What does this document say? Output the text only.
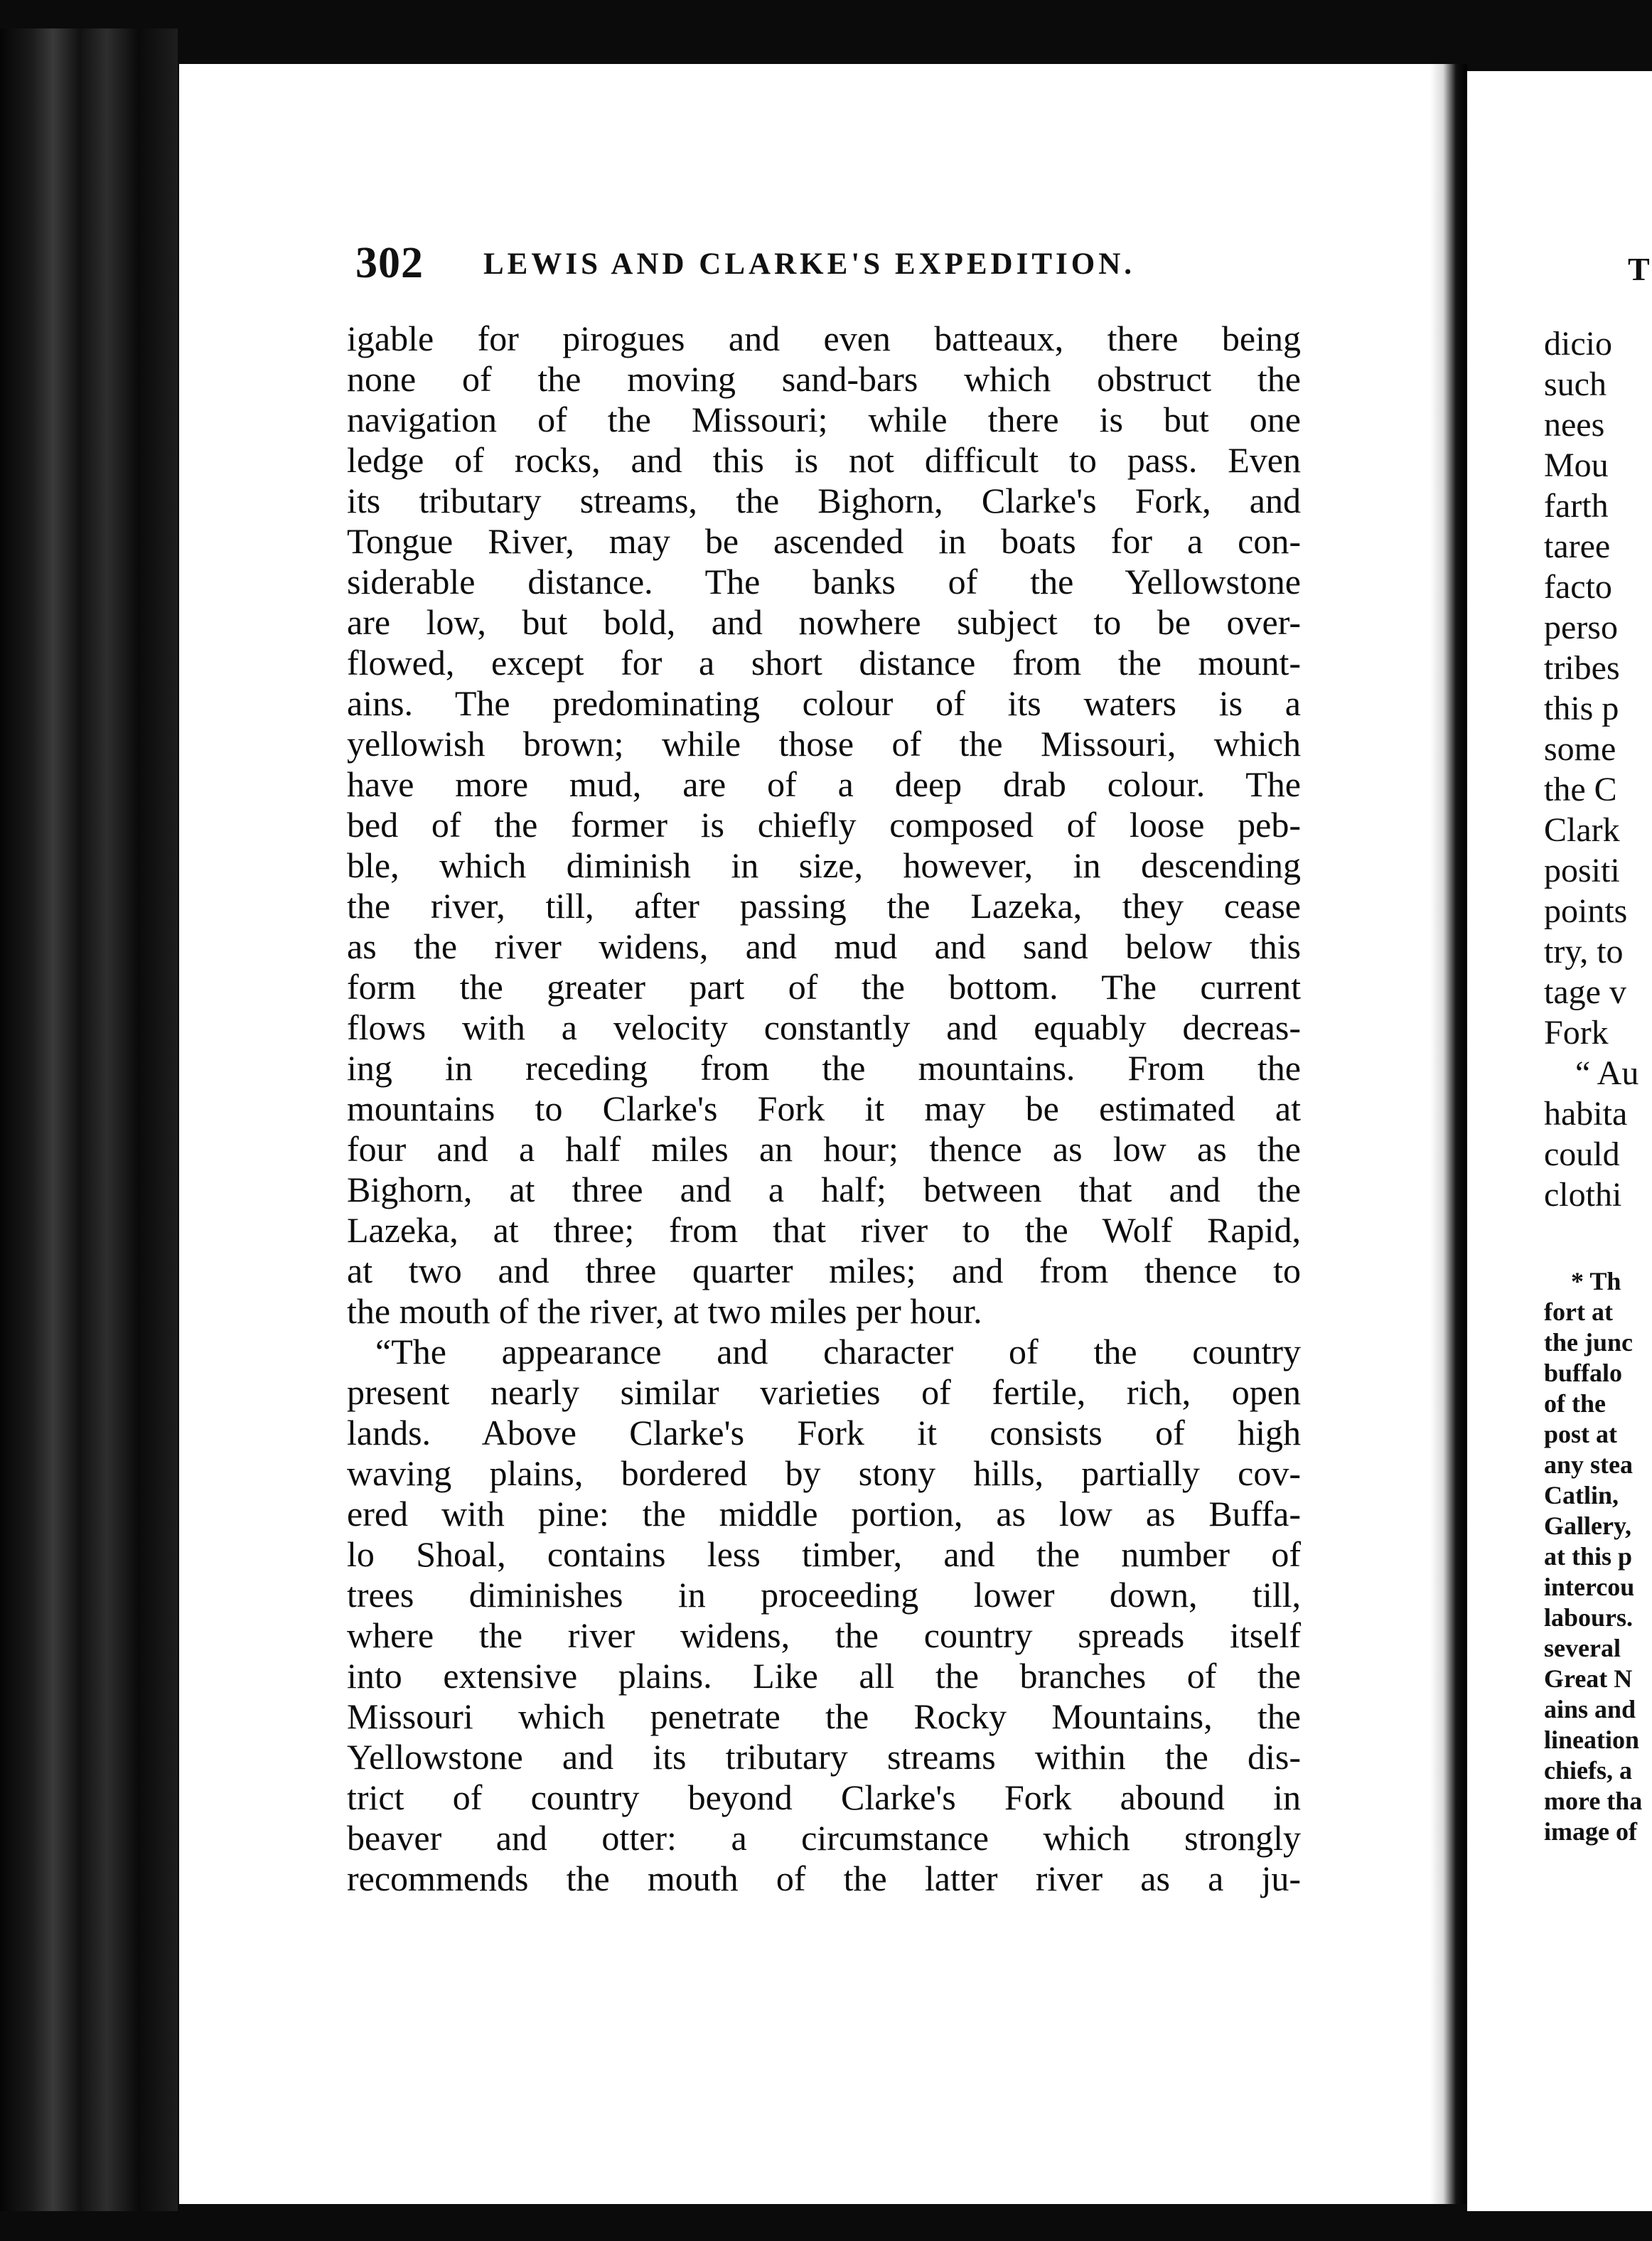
302 LEWIS AND CLARKE'S EXPEDITION.
igable for pirogues and even batteaux, there being
none of the moving sand-bars which obstruct the
navigation of the Missouri; while there is but one
ledge of rocks, and this is not difficult to pass. Even
its tributary streams, the Bighorn, Clarke's Fork, and
Tongue River, may be ascended in boats for a con-
siderable distance. The banks of the Yellowstone
are low, but bold, and nowhere subject to be over-
flowed, except for a short distance from the mount-
ains. The predominating colour of its waters is a
yellowish brown; while those of the Missouri, which
have more mud, are of a deep drab colour. The
bed of the former is chiefly composed of loose peb-
ble, which diminish in size, however, in descending
the river, till, after passing the Lazeka, they cease
as the river widens, and mud and sand below this
form the greater part of the bottom. The current
flows with a velocity constantly and equably decreas-
ing in receding from the mountains. From the
mountains to Clarke's Fork it may be estimated at
four and a half miles an hour; thence as low as the
Bighorn, at three and a half; between that and the
Lazeka, at three; from that river to the Wolf Rapid,
at two and three quarter miles; and from thence to
the mouth of the river, at two miles per hour.
“The appearance and character of the country
present nearly similar varieties of fertile, rich, open
lands. Above Clarke's Fork it consists of high
waving plains, bordered by stony hills, partially cov-
ered with pine: the middle portion, as low as Buffa-
lo Shoal, contains less timber, and the number of
trees diminishes in proceeding lower down, till,
where the river widens, the country spreads itself
into extensive plains. Like all the branches of the
Missouri which penetrate the Rocky Mountains, the
Yellowstone and its tributary streams within the dis-
trict of country beyond Clarke's Fork abound in
beaver and otter: a circumstance which strongly
recommends the mouth of the latter river as a ju-
T
dicio
such
nees
Mou
farth
taree
facto
perso
tribes
this p
some
the C
Clark
positi
points
try, to
tage v
Fork
“ Au
habita
could
clothi
* Th
fort at
the junc
buffalo
of the
post at
any stea
Catlin,
Gallery,
at this p
intercou
labours.
several
Great N
ains and
lineation
chiefs, a
more tha
image of
